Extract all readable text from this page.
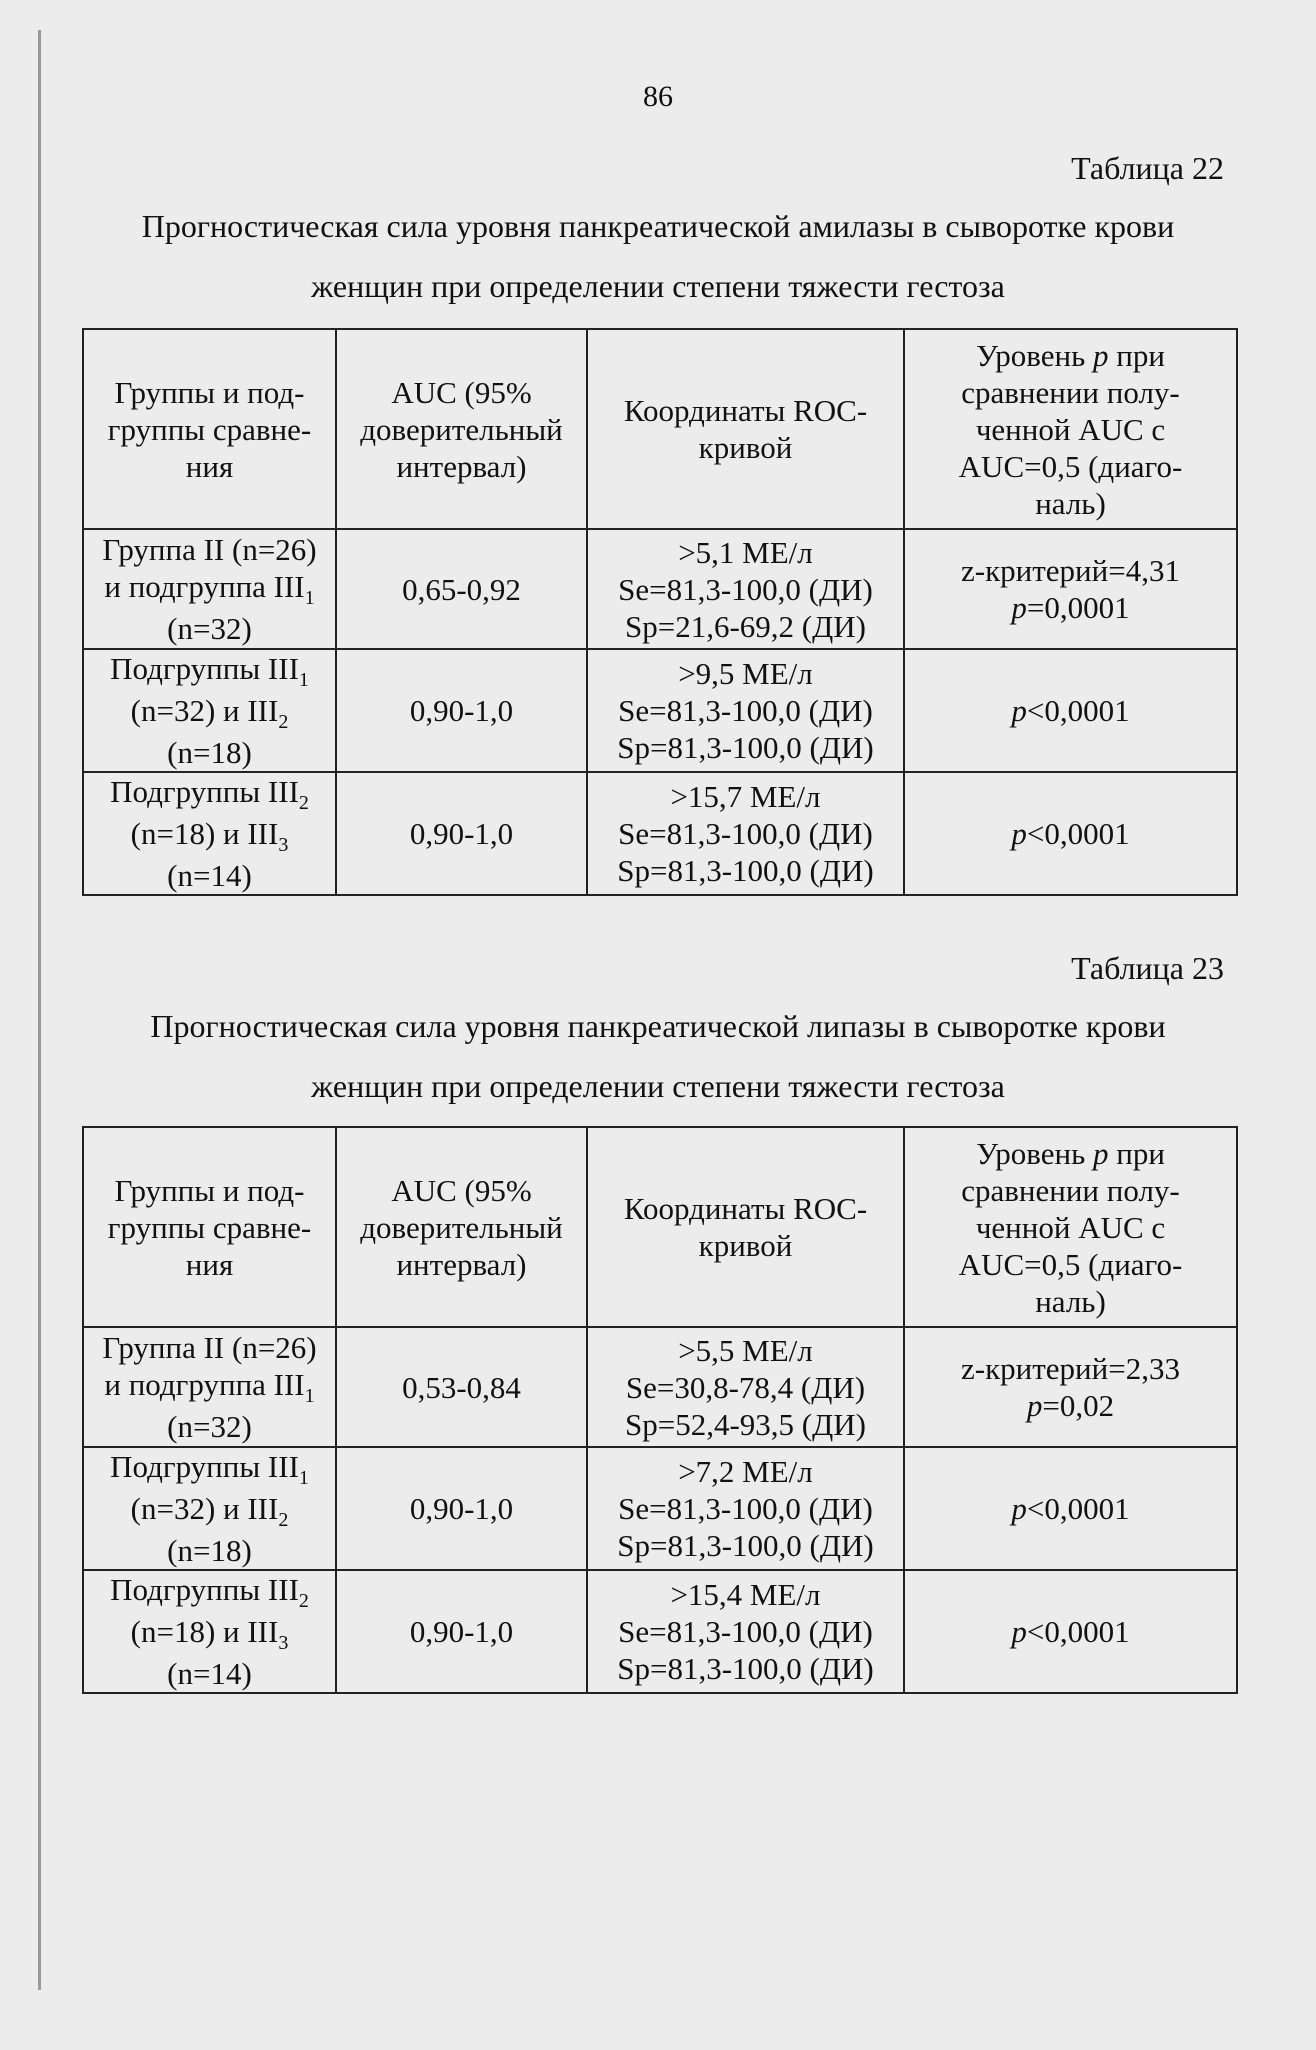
86
Таблица 22
Прогностическая сила уровня панкреатической амилазы в сыворотке крови
женщин при определении степени тяжести гестоза
Группы и под-
группы сравне-
ния	AUC (95%
доверительный
интервал)	Координаты ROC-
кривой	Уровень p при
сравнении полу-
ченной AUC с
AUC=0,5 (диаго-
наль)

Группа II (n=26)
и подгруппа $III_1$
(n=32)	0,65-0,92	>5,1 МЕ/л
Se=81,3-100,0 (ДИ)
Sp=21,6-69,2 (ДИ)	z-критерий=4,31
p=0,0001

Подгруппы $III_1$
(n=32) и $III_2$
(n=18)	0,90-1,0	>9,5 МЕ/л
Se=81,3-100,0 (ДИ)
Sp=81,3-100,0 (ДИ)	p<0,0001

Подгруппы $III_2$
(n=18) и $III_3$
(n=14)	0,90-1,0	>15,7 МЕ/л
Se=81,3-100,0 (ДИ)
Sp=81,3-100,0 (ДИ)	p<0,0001
Таблица 23
Прогностическая сила уровня панкреатической липазы в сыворотке крови
женщин при определении степени тяжести гестоза
Группы и под-
группы сравне-
ния	AUC (95%
доверительный
интервал)	Координаты ROC-
кривой	Уровень p при
сравнении полу-
ченной AUC с
AUC=0,5 (диаго-
наль)

Группа II (n=26)
и подгруппа $III_1$
(n=32)	0,53-0,84	>5,5 МЕ/л
Se=30,8-78,4 (ДИ)
Sp=52,4-93,5 (ДИ)	z-критерий=2,33
p=0,02

Подгруппы $III_1$
(n=32) и $III_2$
(n=18)	0,90-1,0	>7,2 МЕ/л
Se=81,3-100,0 (ДИ)
Sp=81,3-100,0 (ДИ)	p<0,0001

Подгруппы $III_2$
(n=18) и $III_3$
(n=14)	0,90-1,0	>15,4 МЕ/л
Se=81,3-100,0 (ДИ)
Sp=81,3-100,0 (ДИ)	p<0,0001
